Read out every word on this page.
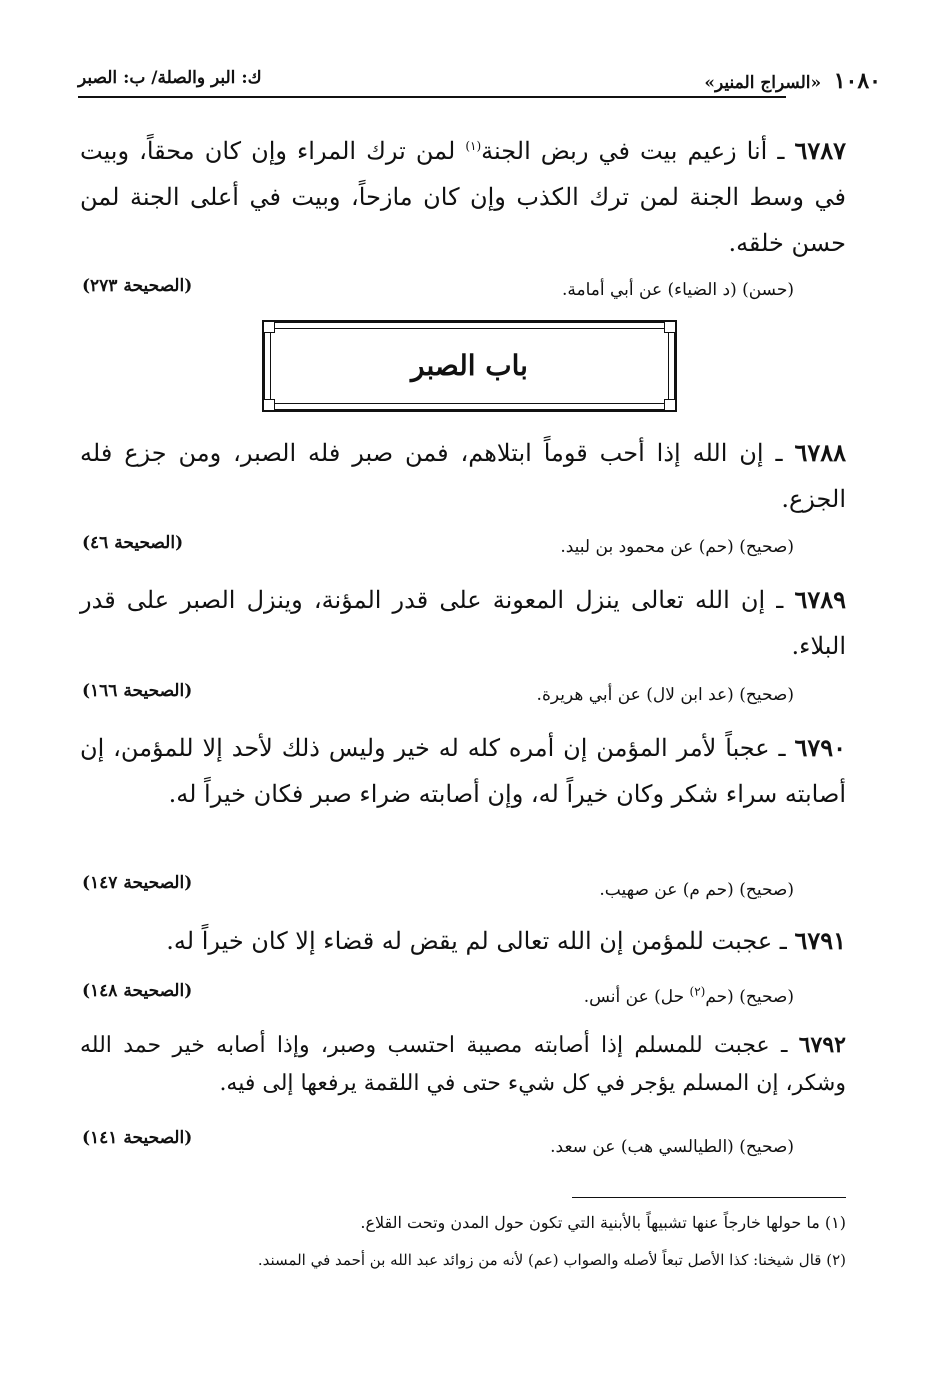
١٠٨٠ «السراج المنير»
ك: البر والصلة/ ب: الصبر
٦٧٨٧ ـ أنا زعيم بيت في ربض الجنة$^{(١)}$ لمن ترك المراء وإن كان محقاً، وبيت في وسط الجنة لمن ترك الكذب وإن كان مازحاً، وبيت في أعلى الجنة لمن حسن خلقه.
(حسن) (د الضياء) عن أبي أمامة.
(الصحيحة ٢٧٣)
باب الصبر
٦٧٨٨ ـ إن الله إذا أحب قوماً ابتلاهم، فمن صبر فله الصبر، ومن جزع فله الجزع.
(صحيح) (حم) عن محمود بن لبيد.
(الصحيحة ٤٦)
٦٧٨٩ ـ إن الله تعالى ينزل المعونة على قدر المؤنة، وينزل الصبر على قدر البلاء.
(صحيح) (عد ابن لال) عن أبي هريرة.
(الصحيحة ١٦٦)
٦٧٩٠ ـ عجباً لأمر المؤمن إن أمره كله له خير وليس ذلك لأحد إلا للمؤمن، إن أصابته سراء شكر وكان خيراً له، وإن أصابته ضراء صبر فكان خيراً له.
(صحيح) (حم م) عن صهيب.
(الصحيحة ١٤٧)
٦٧٩١ ـ عجبت للمؤمن إن الله تعالى لم يقض له قضاء إلا كان خيراً له.
(صحيح) (حم$^{(٢)}$ حل) عن أنس.
(الصحيحة ١٤٨)
٦٧٩٢ ـ عجبت للمسلم إذا أصابته مصيبة احتسب وصبر، وإذا أصابه خير حمد الله وشكر، إن المسلم يؤجر في كل شيء حتى في اللقمة يرفعها إلى فيه.
(صحيح) (الطيالسي هب) عن سعد.
(الصحيحة ١٤١)
(١) ما حولها خارجاً عنها تشبيهاً بالأبنية التي تكون حول المدن وتحت القلاع.
(٢) قال شيخنا: كذا الأصل تبعاً لأصله والصواب (عم) لأنه من زوائد عبد الله بن أحمد في المسند.
